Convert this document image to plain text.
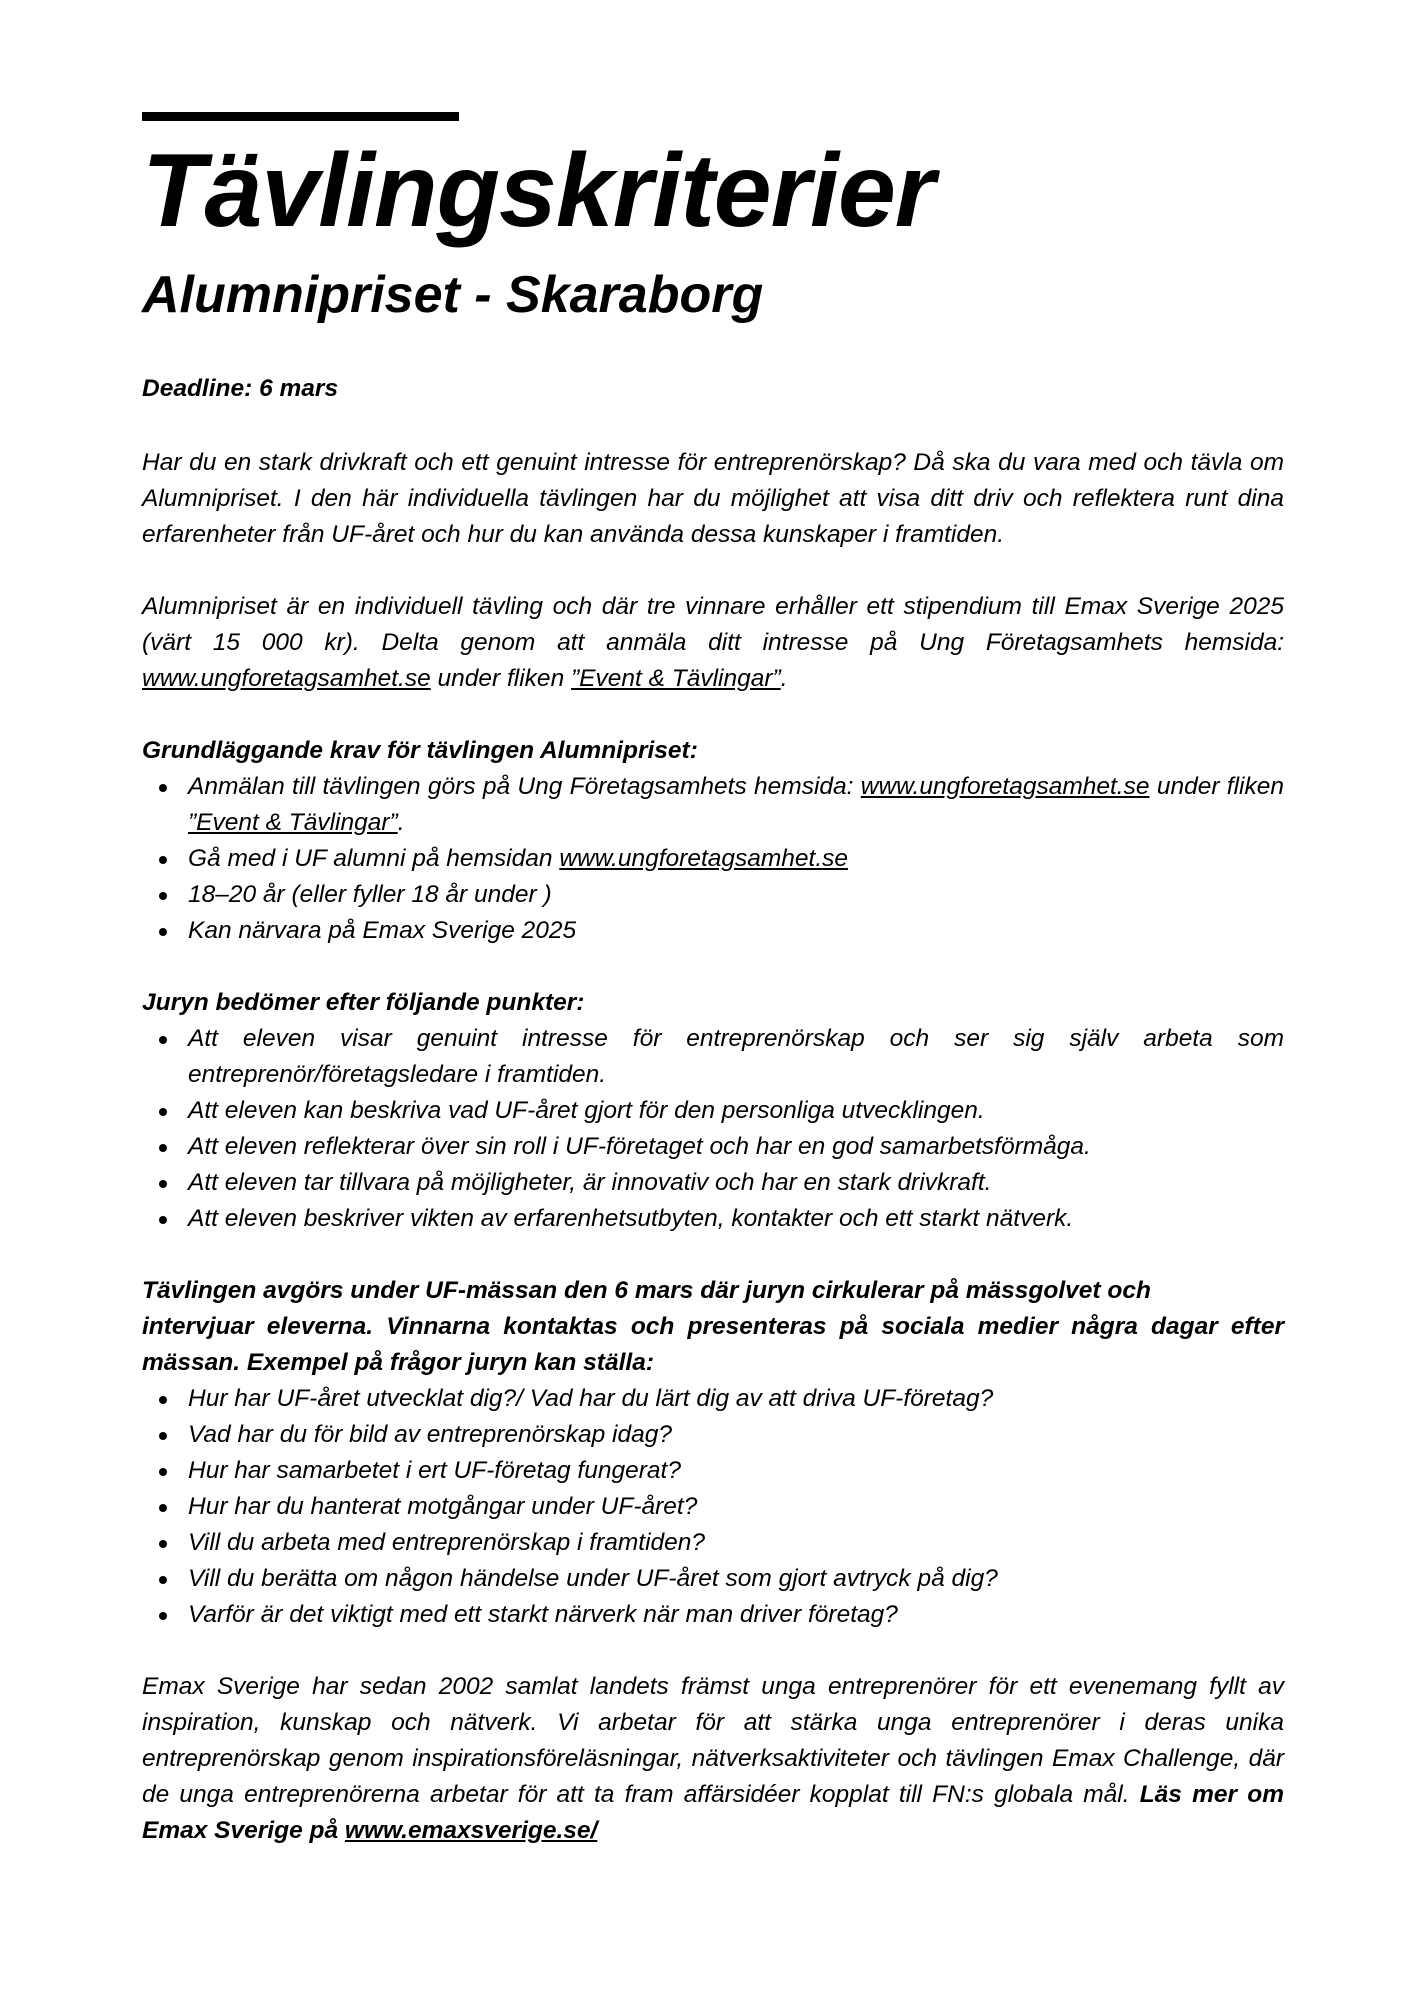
Tävlingskriterier
Alumnipriset - Skaraborg

Deadline: 6 mars

Har du en stark drivkraft och ett genuint intresse för entreprenörskap? Då ska du vara med och tävla om Alumnipriset. I den här individuella tävlingen har du möjlighet att visa ditt driv och reflektera runt dina erfarenheter från UF-året och hur du kan använda dessa kunskaper i framtiden.

Alumnipriset är en individuell tävling och där tre vinnare erhåller ett stipendium till Emax Sverige 2025 (värt 15 000 kr). Delta genom att anmäla ditt intresse på Ung Företagsamhets hemsida: www.ungforetagsamhet.se under fliken ”Event & Tävlingar”.

Grundläggande krav för tävlingen Alumnipriset:

Anmälan till tävlingen görs på Ung Företagsamhets hemsida: www.ungforetagsamhet.se under fliken ”Event & Tävlingar”.
Gå med i UF alumni på hemsidan www.ungforetagsamhet.se
18–20 år (eller fyller 18 år under )
Kan närvara på Emax Sverige 2025

Juryn bedömer efter följande punkter:

Att eleven visar genuint intresse för entreprenörskap och ser sig själv arbeta som entreprenör/företagsledare i framtiden.
Att eleven kan beskriva vad UF-året gjort för den personliga utvecklingen.
Att eleven reflekterar över sin roll i UF-företaget och har en god samarbetsförmåga.
Att eleven tar tillvara på möjligheter, är innovativ och har en stark drivkraft.
Att eleven beskriver vikten av erfarenhetsutbyten, kontakter och ett starkt nätverk.

Tävlingen avgörs under UF-mässan den 6 mars där juryn cirkulerar på mässgolvet och

intervjuar eleverna. Vinnarna kontaktas och presenteras på sociala medier några dagar efter mässan. Exempel på frågor juryn kan ställa:

Hur har UF-året utvecklat dig?/ Vad har du lärt dig av att driva UF-företag?
Vad har du för bild av entreprenörskap idag?
Hur har samarbetet i ert UF-företag fungerat?
Hur har du hanterat motgångar under UF-året?
Vill du arbeta med entreprenörskap i framtiden?
Vill du berätta om någon händelse under UF-året som gjort avtryck på dig?
Varför är det viktigt med ett starkt närverk när man driver företag?

Emax Sverige har sedan 2002 samlat landets främst unga entreprenörer för ett evenemang fyllt av inspiration, kunskap och nätverk. Vi arbetar för att stärka unga entreprenörer i deras unika entreprenörskap genom inspirationsföreläsningar, nätverksaktiviteter och tävlingen Emax Challenge, där de unga entreprenörerna arbetar för att ta fram affärsidéer kopplat till FN:s globala mål. Läs mer om Emax Sverige på www.emaxsverige.se/
